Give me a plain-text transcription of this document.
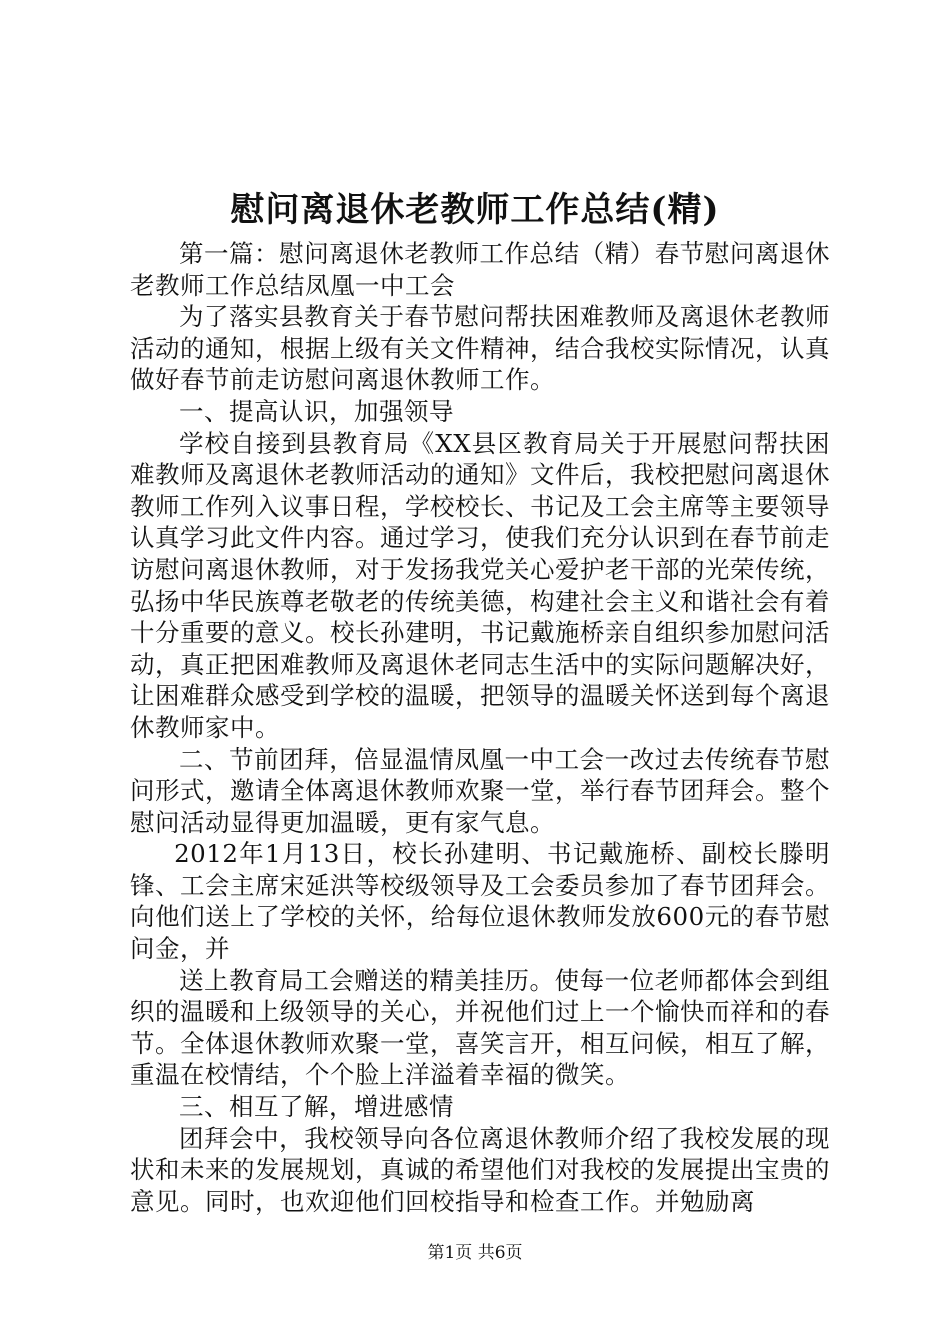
慰问离退休老教师工作总结(精)

第一篇：慰问离退休老教师工作总结（精）春节慰问离退休老教师工作总结凤凰一中工会

为了落实县教育关于春节慰问帮扶困难教师及离退休老教师活动的通知，根据上级有关文件精神，结合我校实际情况，认真做好春节前走访慰问离退休教师工作。

一、提高认识，加强领导

学校自接到县教育局《XX县区教育局关于开展慰问帮扶困难教师及离退休老教师活动的通知》文件后，我校把慰问离退休教师工作列入议事日程，学校校长、书记及工会主席等主要领导认真学习此文件内容。通过学习，使我们充分认识到在春节前走访慰问离退休教师，对于发扬我党关心爱护老干部的光荣传统，弘扬中华民族尊老敬老的传统美德，构建社会主义和谐社会有着十分重要的意义。校长孙建明，书记戴施桥亲自组织参加慰问活动，真正把困难教师及离退休老同志生活中的实际问题解决好，让困难群众感受到学校的温暖，把领导的温暖关怀送到每个离退休教师家中。

二、节前团拜，倍显温情凤凰一中工会一改过去传统春节慰问形式，邀请全体离退休教师欢聚一堂，举行春节团拜会。整个慰问活动显得更加温暖，更有家气息。

2012年1月13日，校长孙建明、书记戴施桥、副校长滕明锋、工会主席宋延洪等校级领导及工会委员参加了春节团拜会。向他们送上了学校的关怀，给每位退休教师发放600元的春节慰问金，并

送上教育局工会赠送的精美挂历。使每一位老师都体会到组织的温暖和上级领导的关心，并祝他们过上一个愉快而祥和的春节。全体退休教师欢聚一堂，喜笑言开，相互问候，相互了解，重温在校情结，个个脸上洋溢着幸福的微笑。

三、相互了解，增进感情

团拜会中，我校领导向各位离退休教师介绍了我校发展的现状和未来的发展规划，真诚的希望他们对我校的发展提出宝贵的意见。同时，也欢迎他们回校指导和检查工作。并勉励离

第1页 共6页
